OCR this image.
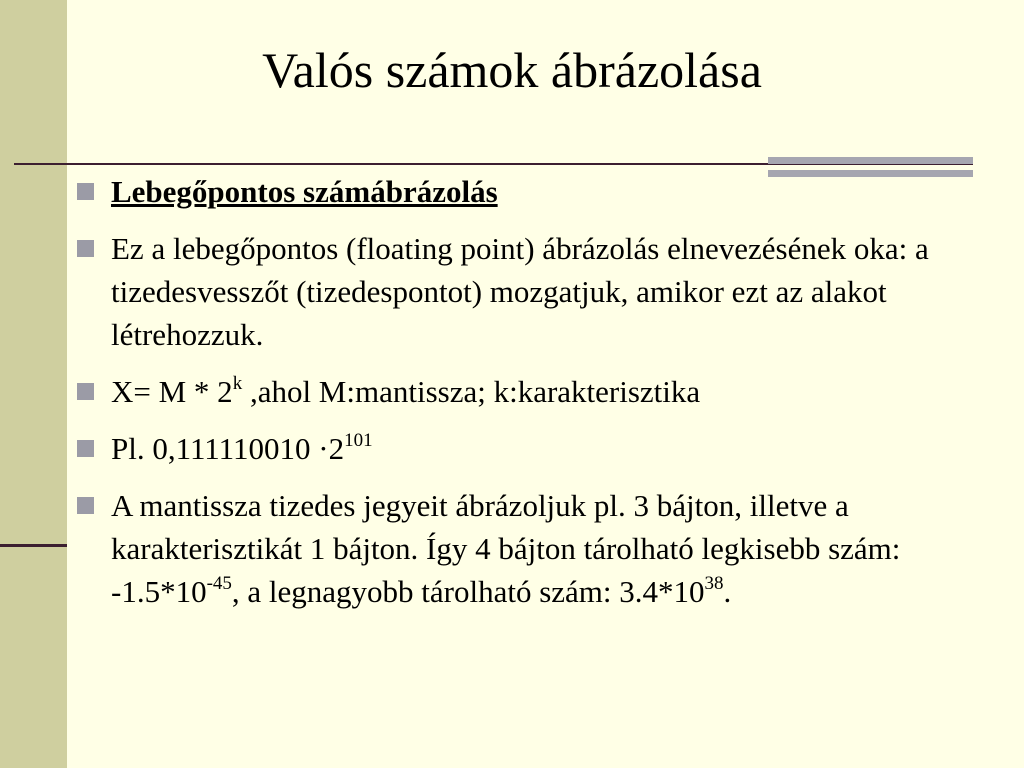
Valós számok ábrázolása
Lebegőpontos számábrázolás
Ez a lebegőpontos (floating point) ábrázolás elnevezésének oka: a tizedesvesszőt (tizedespontot) mozgatjuk, amikor ezt az alakot létrehozzuk.
X= M * 2$^k$ ,ahol M:mantissza; k:karakterisztika
Pl. $0,111110010 \cdot 2^{101}$
A mantissza tizedes jegyeit ábrázoljuk pl. 3 bájton, illetve a karakterisztikát 1 bájton. Így 4 bájton tárolható legkisebb szám: $-1.5*10^{-45}$, a legnagyobb tárolható szám: $3.4*10^{38}$.
